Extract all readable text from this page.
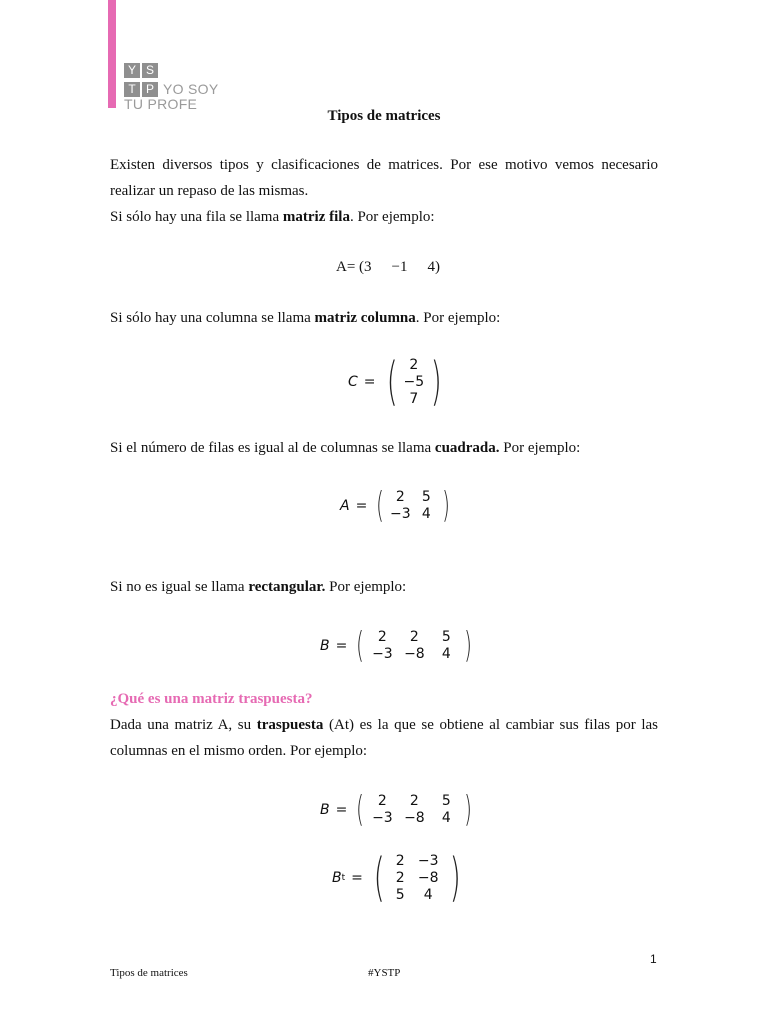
Y S
T P YO SOY
TU PROFE
Tipos de matrices

Existen diversos tipos y clasificaciones de matrices. Por ese motivo vemos necesario

realizar un repaso de las mismas.

Si sólo hay una fila se llama matriz fila. Por ejemplo:

A= (3 −1 4)

Si sólo hay una columna se llama matriz columna. Por ejemplo:

C = ( 2
−5
7 )

Si el número de filas es igual al de columnas se llama cuadrada. Por ejemplo:

A = ( 2	5
−3 4 )

Si no es igual se llama rectangular. Por ejemplo:

B = ( 2	2	5
−3 −8	4 )

¿Qué es una matriz traspuesta?

Dada una matriz A, su traspuesta (At) es la que se obtiene al cambiar sus filas por las

columnas en el mismo orden. Por ejemplo:

B = ( 2	2	5
−3 −8	4 )
B t = ( 2 −3
2 −8
5	4 )
1
Tipos de matrices	#YSTP
